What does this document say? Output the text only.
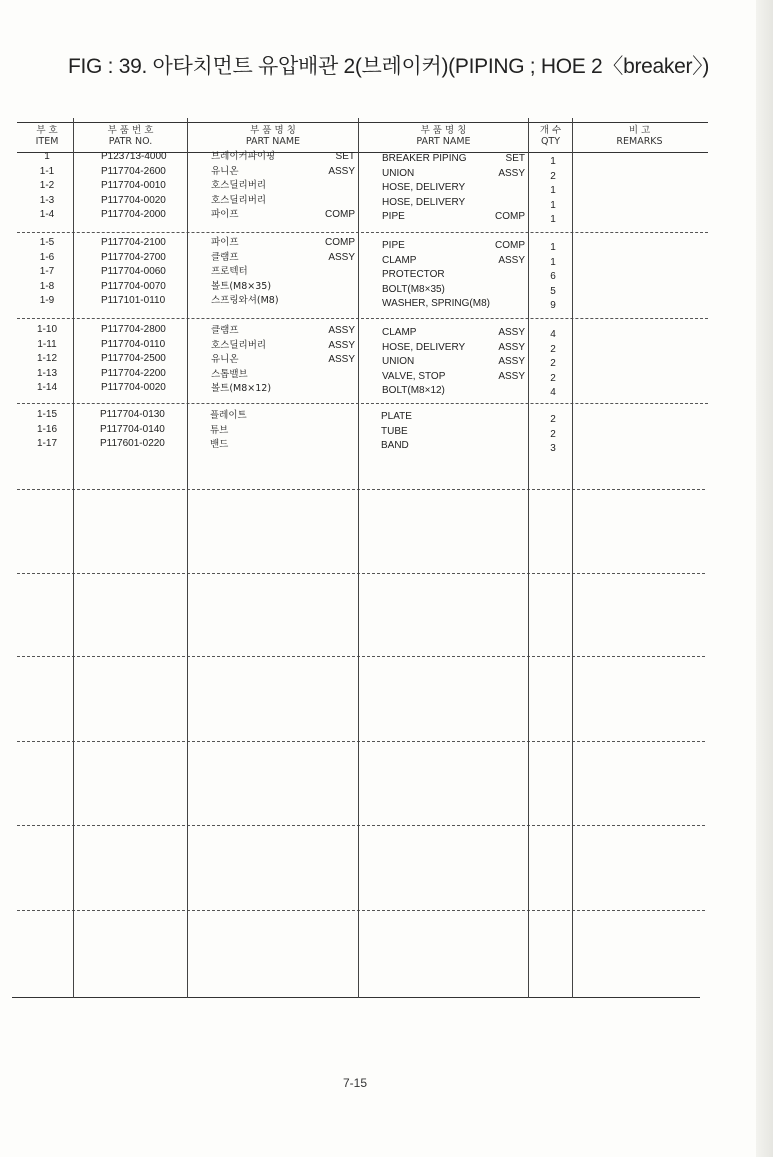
FIG : 39. 아타치먼트 유압배관 2(브레이커)(PIPING ; HOE 2〈breaker〉)
부 호
ITEM
부 품 번 호
PATR NO.
부 품 명 칭
PART NAME
부 품 명 칭
PART NAME
개 수
QTY
비 고
REMARKS
1
1-1
1-2
1-3
1-4
P123713-4000
P117704-2600
P117704-0010
P117704-0020
P117704-2000
브레이커파이핑
유니온
호스딜리버리
호스딜리버리
파이프
SET
ASSY

COMP
BREAKER PIPING
UNION
HOSE, DELIVERY
HOSE, DELIVERY
PIPE
SET
ASSY

COMP
1
2
1
1
1
1-5
1-6
1-7
1-8
1-9
P117704-2100
P117704-2700
P117704-0060
P117704-0070
P117101-0110
파이프
클램프
프로텍터
볼트(M8×35)
스프링와셔(M8)
COMP
ASSY

PIPE
CLAMP
PROTECTOR
BOLT(M8×35)
WASHER, SPRING(M8)
COMP
ASSY

1
1
6
5
9
1-10
1-11
1-12
1-13
1-14
P117704-2800
P117704-0110
P117704-2500
P117704-2200
P117704-0020
클램프
호스딜리버리
유니온
스톱밸브
볼트(M8×12)
ASSY
ASSY
ASSY

CLAMP
HOSE, DELIVERY
UNION
VALVE, STOP
BOLT(M8×12)
ASSY
ASSY
ASSY
ASSY

4
2
2
2
4
1-15
1-16
1-17
P117704-0130
P117704-0140
P117601-0220
플레이트
튜브
밴드
PLATE
TUBE
BAND
2
2
3
7-15
